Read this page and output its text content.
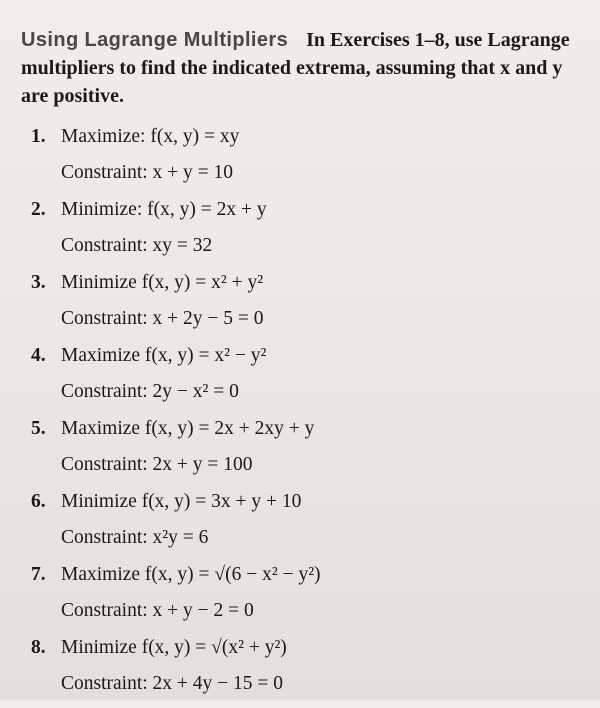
Using Lagrange Multipliers In Exercises 1–8, use Lagrange multipliers to find the indicated extrema, assuming that x and y are positive.

1. Maximize: f(x, y) = xy
Constraint: x + y = 10
2. Minimize: f(x, y) = 2x + y
Constraint: xy = 32
3. Minimize f(x, y) = x² + y²
Constraint: x + 2y − 5 = 0
4. Maximize f(x, y) = x² − y²
Constraint: 2y − x² = 0
5. Maximize f(x, y) = 2x + 2xy + y
Constraint: 2x + y = 100
6. Minimize f(x, y) = 3x + y + 10
Constraint: x²y = 6
7. Maximize f(x, y) = √(6 − x² − y²)
Constraint: x + y − 2 = 0
8. Minimize f(x, y) = √(x² + y²)
Constraint: 2x + 4y − 15 = 0
